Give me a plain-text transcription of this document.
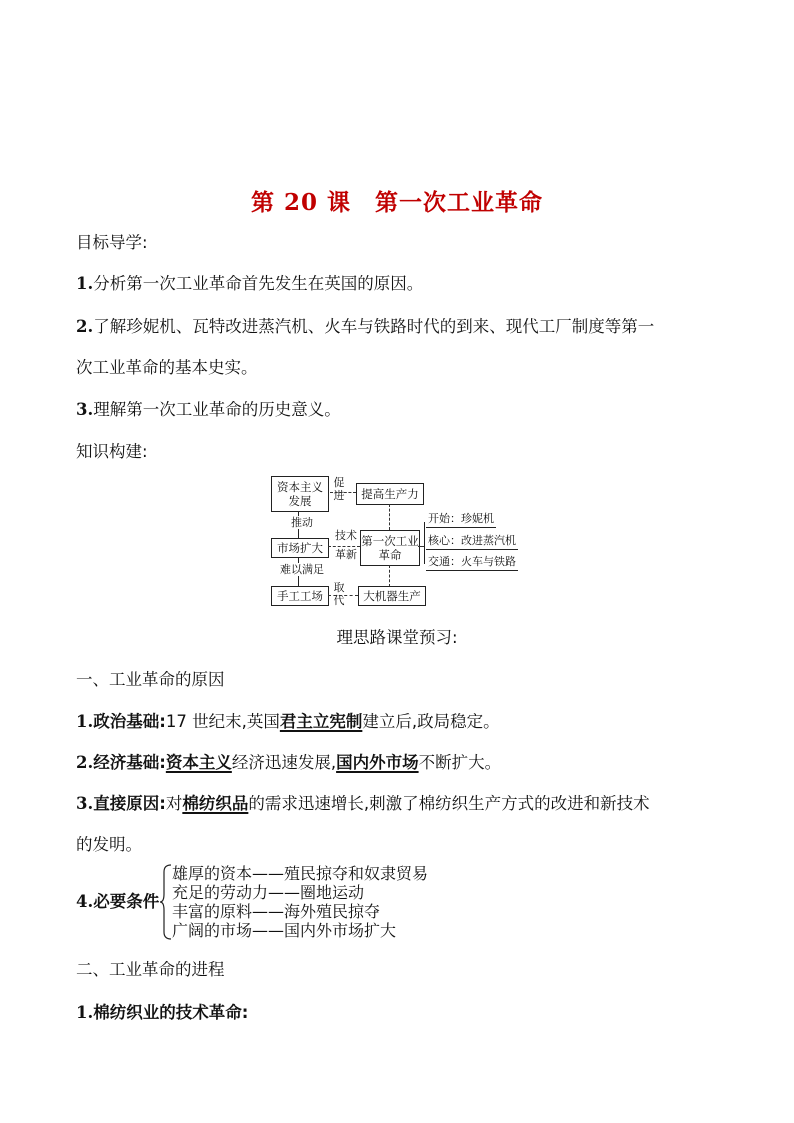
第 20 课　第一次工业革命
目标导学:
1.分析第一次工业革命首先发生在英国的原因。
2.了解珍妮机、瓦特改进蒸汽机、火车与铁路时代的到来、现代工厂制度等第一
次工业革命的基本史实。
3.理解第一次工业革命的历史意义。
知识构建:
资本主义发展
促进	提高生产力
推动
市场扩大
技术
革新
第一次工业革命
开始：珍妮机
核心：改进蒸汽机
交通：火车与铁路
难以满足
手工工场
取代	大机器生产
理思路课堂预习:
一、工业革命的原因
1.政治基础:17 世纪末,英国君主立宪制建立后,政局稳定。
2.经济基础:资本主义经济迅速发展,国内外市场不断扩大。
3.直接原因:对棉纺织品的需求迅速增长,刺激了棉纺织生产方式的改进和新技术
的发明。
4.必要条件
雄厚的资本——殖民掠夺和奴隶贸易
充足的劳动力——圈地运动
丰富的原料——海外殖民掠夺
广阔的市场——国内外市场扩大
二、工业革命的进程
1.棉纺织业的技术革命:
